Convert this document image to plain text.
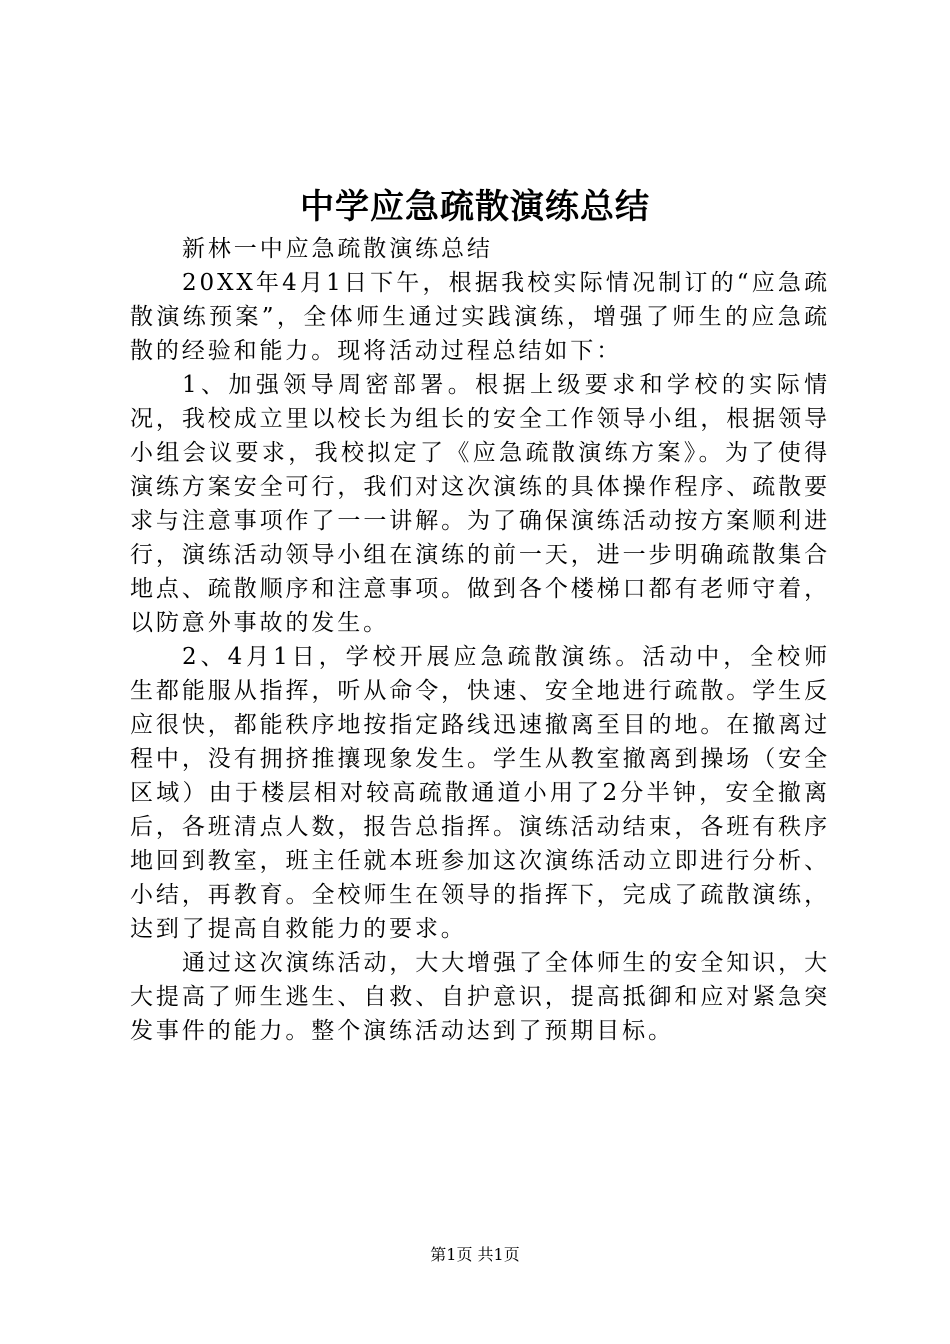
中学应急疏散演练总结

新林一中应急疏散演练总结

20XX年4月1日下午，根据我校实际情况制订的“应急疏散演练预案”，全体师生通过实践演练，增强了师生的应急疏散的经验和能力。现将活动过程总结如下：

1、加强领导周密部署。根据上级要求和学校的实际情况，我校成立里以校长为组长的安全工作领导小组，根据领导小组会议要求，我校拟定了《应急疏散演练方案》。为了使得演练方案安全可行，我们对这次演练的具体操作程序、疏散要求与注意事项作了一一讲解。为了确保演练活动按方案顺利进行，演练活动领导小组在演练的前一天，进一步明确疏散集合地点、疏散顺序和注意事项。做到各个楼梯口都有老师守着，以防意外事故的发生。

2、4月1日，学校开展应急疏散演练。活动中，全校师生都能服从指挥，听从命令，快速、安全地进行疏散。学生反应很快，都能秩序地按指定路线迅速撤离至目的地。在撤离过程中，没有拥挤推攘现象发生。学生从教室撤离到操场（安全区域）由于楼层相对较高疏散通道小用了2分半钟，安全撤离后，各班清点人数，报告总指挥。演练活动结束，各班有秩序地回到教室，班主任就本班参加这次演练活动立即进行分析、小结，再教育。全校师生在领导的指挥下，完成了疏散演练，达到了提高自救能力的要求。

通过这次演练活动，大大增强了全体师生的安全知识，大大提高了师生逃生、自救、自护意识，提高抵御和应对紧急突发事件的能力。整个演练活动达到了预期目标。

第1页 共1页
